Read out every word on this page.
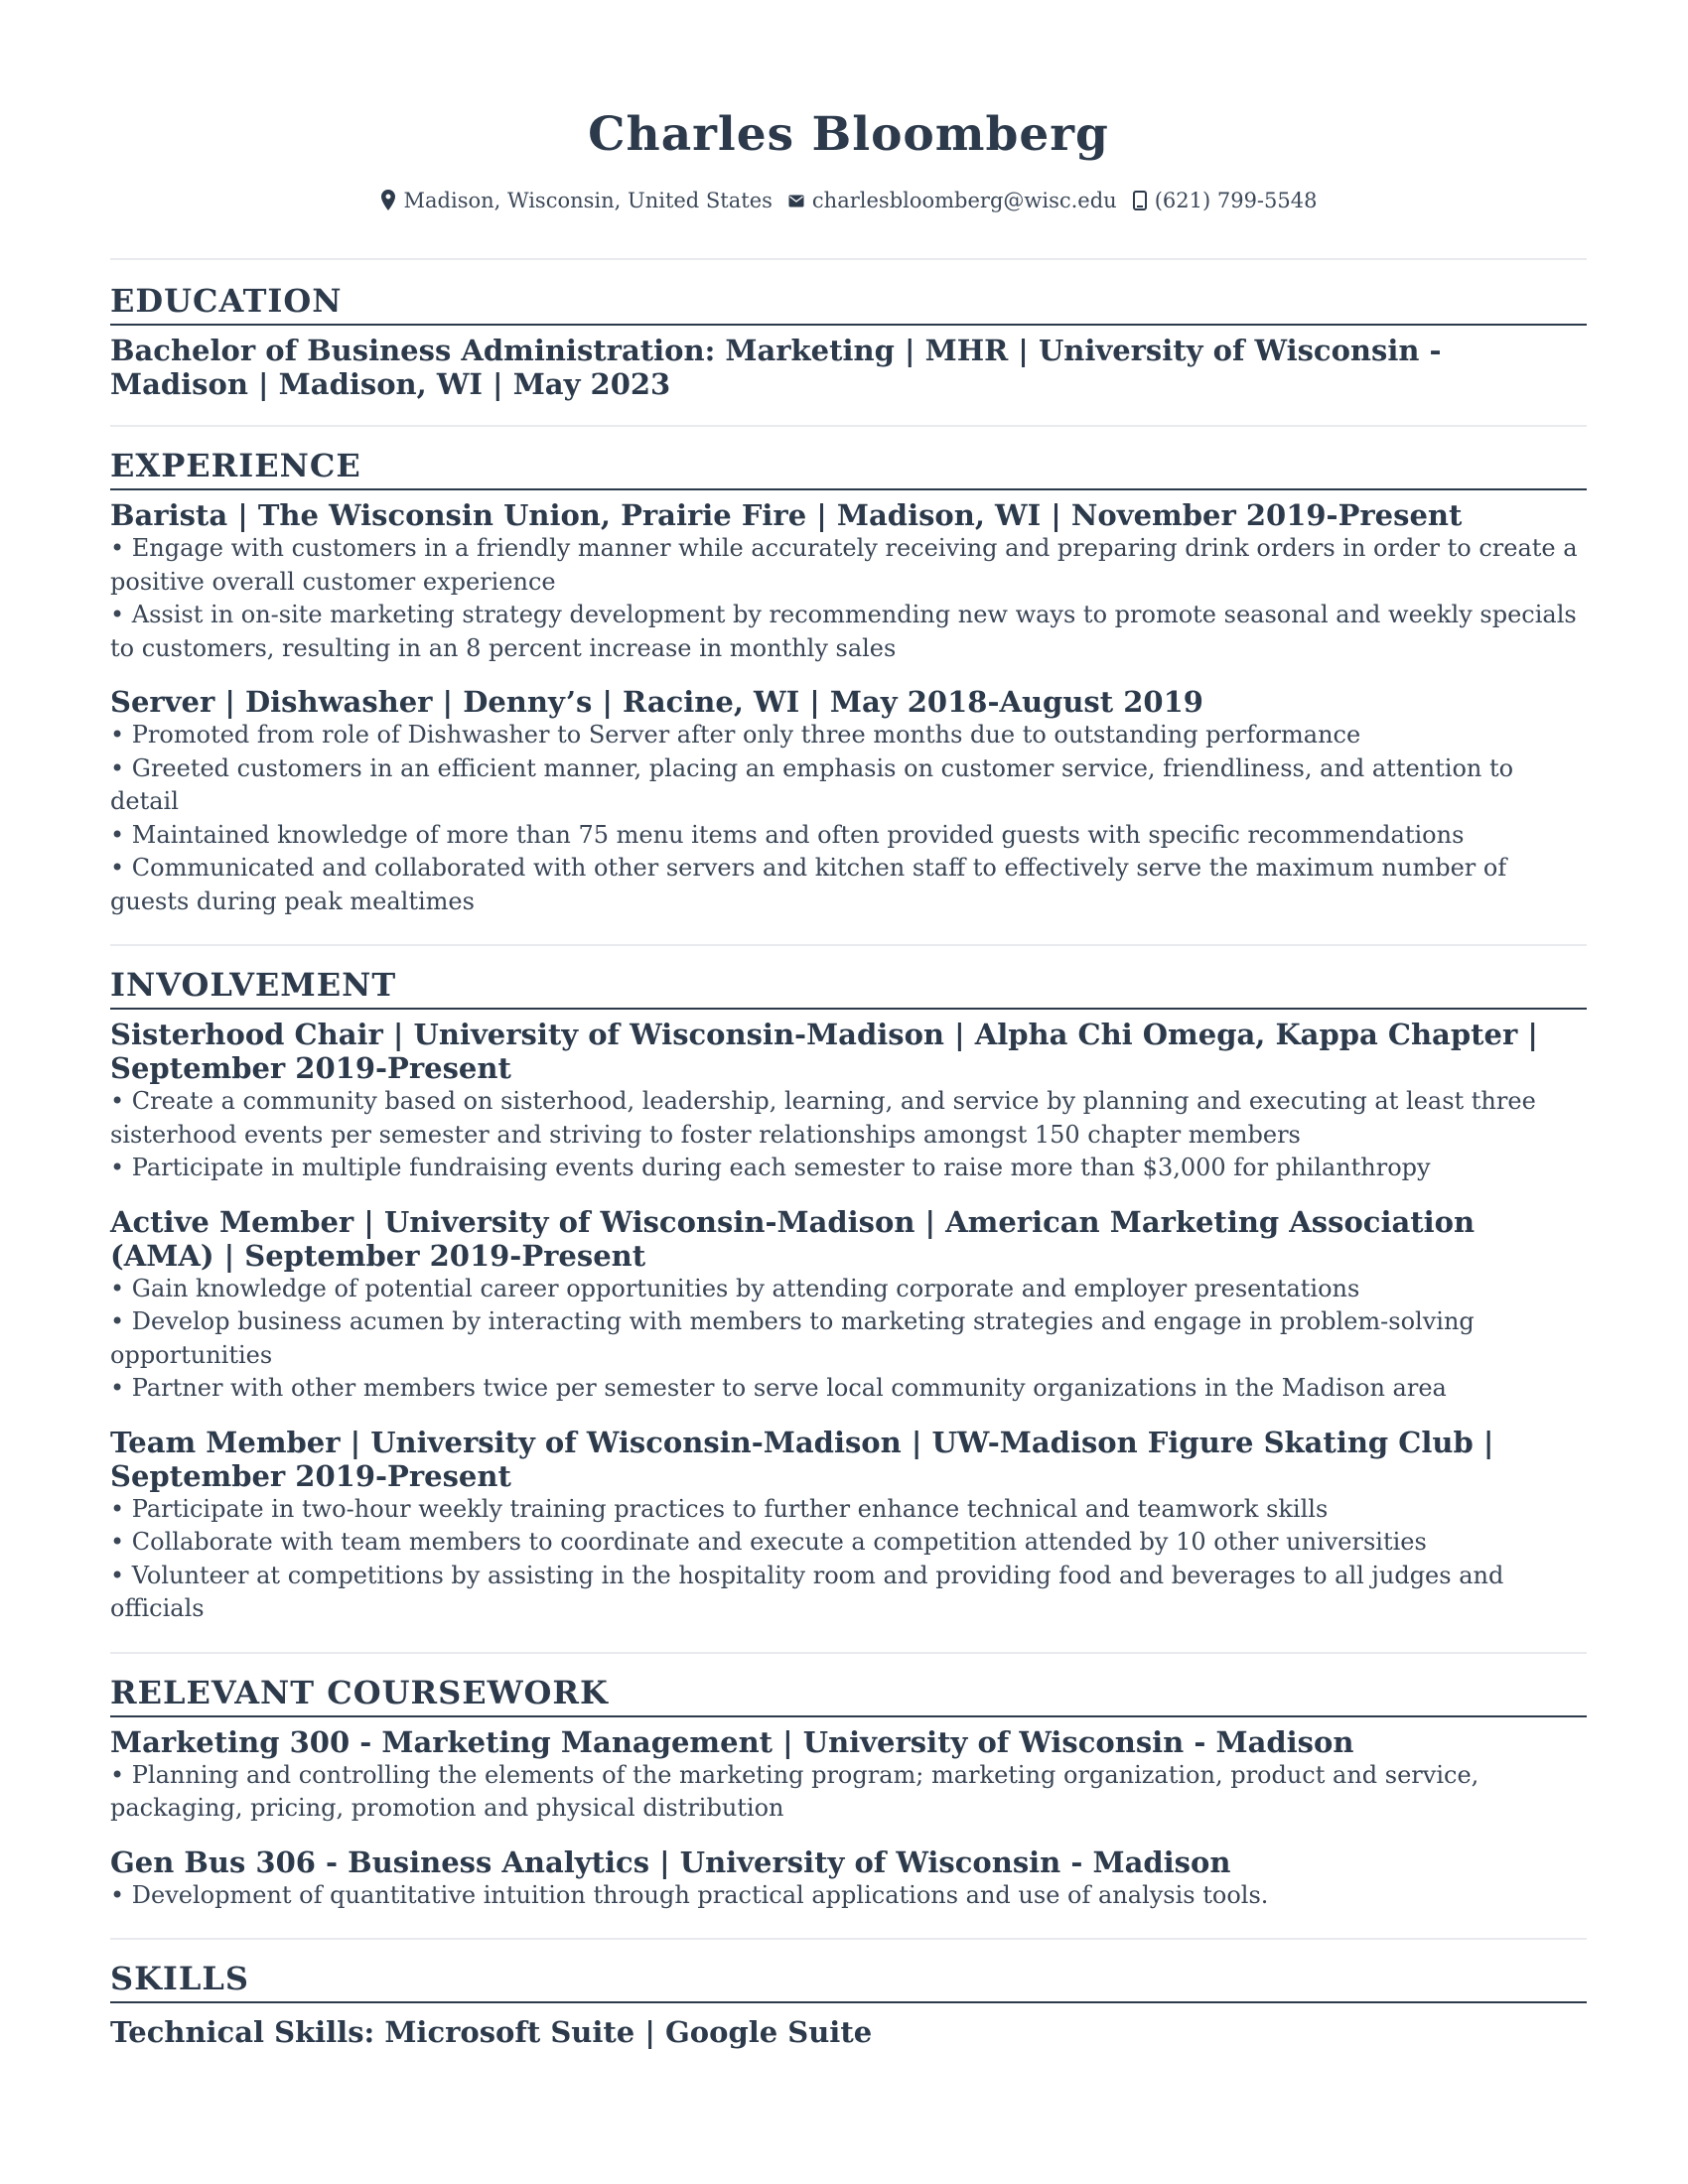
Charles Bloomberg
Madison, Wisconsin, United States charlesbloomberg@wisc.edu (621) 799-5548
EDUCATION

Bachelor of Business Administration: Marketing | MHR | University of Wisconsin - Madison | Madison, WI | May 2023

EXPERIENCE

Barista | The Wisconsin Union, Prairie Fire | Madison, WI | November 2019-Present

• Engage with customers in a friendly manner while accurately receiving and preparing drink orders in order to create a positive overall customer experience

• Assist in on-site marketing strategy development by recommending new ways to promote seasonal and weekly specials to customers, resulting in an 8 percent increase in monthly sales

Server | Dishwasher | Denny’s | Racine, WI | May 2018-August 2019

• Promoted from role of Dishwasher to Server after only three months due to outstanding performance

• Greeted customers in an efficient manner, placing an emphasis on customer service, friendliness, and attention to detail

• Maintained knowledge of more than 75 menu items and often provided guests with specific recommendations

• Communicated and collaborated with other servers and kitchen staff to effectively serve the maximum number of guests during peak mealtimes

INVOLVEMENT

Sisterhood Chair | University of Wisconsin-Madison | Alpha Chi Omega, Kappa Chapter | September 2019-Present

• Create a community based on sisterhood, leadership, learning, and service by planning and executing at least three sisterhood events per semester and striving to foster relationships amongst 150 chapter members

• Participate in multiple fundraising events during each semester to raise more than $3,000 for philanthropy

Active Member | University of Wisconsin-Madison | American Marketing Association (AMA) | September 2019-Present

• Gain knowledge of potential career opportunities by attending corporate and employer presentations

• Develop business acumen by interacting with members to marketing strategies and engage in problem-solving opportunities

• Partner with other members twice per semester to serve local community organizations in the Madison area

Team Member | University of Wisconsin-Madison | UW-Madison Figure Skating Club | September 2019-Present

• Participate in two-hour weekly training practices to further enhance technical and teamwork skills

• Collaborate with team members to coordinate and execute a competition attended by 10 other universities

• Volunteer at competitions by assisting in the hospitality room and providing food and beverages to all judges and officials

RELEVANT COURSEWORK

Marketing 300 - Marketing Management | University of Wisconsin - Madison

• Planning and controlling the elements of the marketing program; marketing organization, product and service, packaging, pricing, promotion and physical distribution

Gen Bus 306 - Business Analytics | University of Wisconsin - Madison

• Development of quantitative intuition through practical applications and use of analysis tools.

SKILLS

Technical Skills: Microsoft Suite | Google Suite
